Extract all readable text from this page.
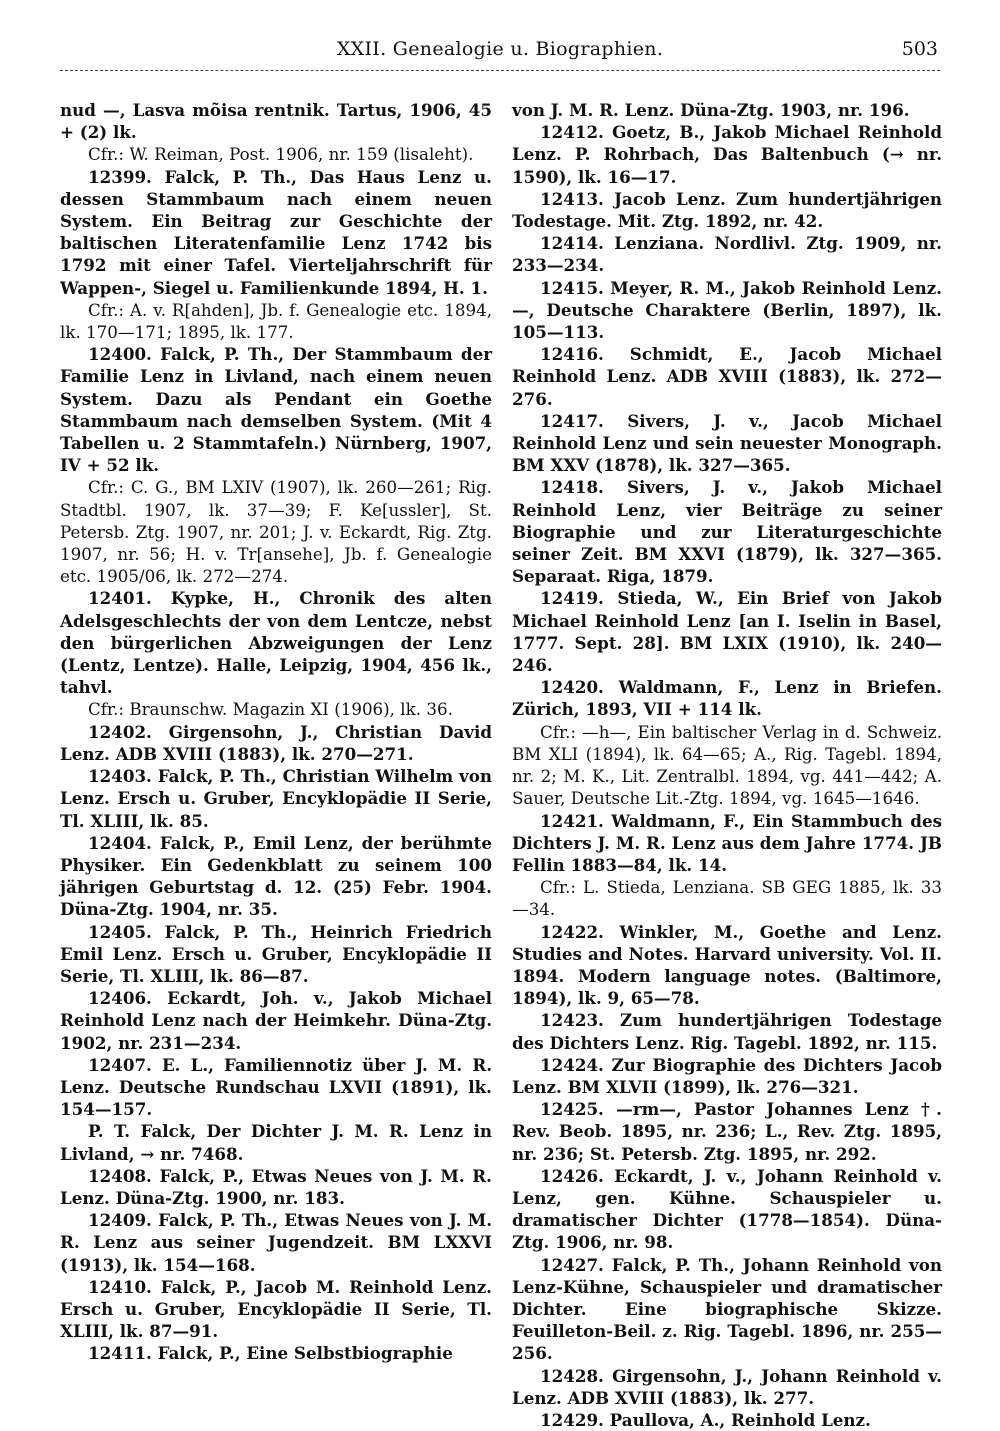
XXII. Genealogie u. Biographien.	503

nud —, Lasva mõisa rentnik. Tartus, 1906, 45 + (2) lk.

Cfr.: W. Reiman, Post. 1906, nr. 159 (lisaleht).

12399. Falck, P. Th., Das Haus Lenz u. dessen Stammbaum nach einem neuen System. Ein Beitrag zur Geschichte der baltischen Literatenfamilie Lenz 1742 bis 1792 mit einer Tafel. Vierteljahrschrift für Wappen-, Siegel u. Familienkunde 1894, H. 1.

Cfr.: A. v. R[ahden], Jb. f. Genealogie etc. 1894, lk. 170—171; 1895, lk. 177.

12400. Falck, P. Th., Der Stammbaum der Familie Lenz in Livland, nach einem neuen System. Dazu als Pendant ein Goethe Stammbaum nach demselben System. (Mit 4 Tabellen u. 2 Stammtafeln.) Nürnberg, 1907, IV + 52 lk.

Cfr.: C. G., BM LXIV (1907), lk. 260—261; Rig. Stadtbl. 1907, lk. 37—39; F. Ke[ussler], St. Petersb. Ztg. 1907, nr. 201; J. v. Eckardt, Rig. Ztg. 1907, nr. 56; H. v. Tr[ansehe], Jb. f. Genealogie etc. 1905/06, lk. 272—274.

12401. Kypke, H., Chronik des alten Adelsgeschlechts der von dem Lentcze, nebst den bürgerlichen Abzweigungen der Lenz (Lentz, Lentze). Halle, Leipzig, 1904, 456 lk., tahvl.

Cfr.: Braunschw. Magazin XI (1906), lk. 36.

12402. Girgensohn, J., Christian David Lenz. ADB XVIII (1883), lk. 270—271.

12403. Falck, P. Th., Christian Wilhelm von Lenz. Ersch u. Gruber, Encyklopädie II Serie, Tl. XLIII, lk. 85.

12404. Falck, P., Emil Lenz, der berühmte Physiker. Ein Gedenkblatt zu seinem 100 jährigen Geburtstag d. 12. (25) Febr. 1904. Düna-Ztg. 1904, nr. 35.

12405. Falck, P. Th., Heinrich Friedrich Emil Lenz. Ersch u. Gruber, Encyklopädie II Serie, Tl. XLIII, lk. 86—87.

12406. Eckardt, Joh. v., Jakob Michael Reinhold Lenz nach der Heimkehr. Düna-Ztg. 1902, nr. 231—234.

12407. E. L., Familiennotiz über J. M. R. Lenz. Deutsche Rundschau LXVII (1891), lk. 154—157.

P. T. Falck, Der Dichter J. M. R. Lenz in Livland, → nr. 7468.

12408. Falck, P., Etwas Neues von J. M. R. Lenz. Düna-Ztg. 1900, nr. 183.

12409. Falck, P. Th., Etwas Neues von J. M. R. Lenz aus seiner Jugendzeit. BM LXXVI (1913), lk. 154—168.

12410. Falck, P., Jacob M. Reinhold Lenz. Ersch u. Gruber, Encyklopädie II Serie, Tl. XLIII, lk. 87—91.

12411. Falck, P., Eine Selbstbiographie

von J. M. R. Lenz. Düna-Ztg. 1903, nr. 196.

12412. Goetz, B., Jakob Michael Reinhold Lenz. P. Rohrbach, Das Baltenbuch (→ nr. 1590), lk. 16—17.

12413. Jacob Lenz. Zum hundertjährigen Todestage. Mit. Ztg. 1892, nr. 42.

12414. Lenziana. Nordlivl. Ztg. 1909, nr. 233—234.

12415. Meyer, R. M., Jakob Reinhold Lenz. —, Deutsche Charaktere (Berlin, 1897), lk. 105—113.

12416. Schmidt, E., Jacob Michael Reinhold Lenz. ADB XVIII (1883), lk. 272—276.

12417. Sivers, J. v., Jacob Michael Reinhold Lenz und sein neuester Monograph. BM XXV (1878), lk. 327—365.

12418. Sivers, J. v., Jakob Michael Reinhold Lenz, vier Beiträge zu seiner Biographie und zur Literaturgeschichte seiner Zeit. BM XXVI (1879), lk. 327—365. Separaat. Riga, 1879.

12419. Stieda, W., Ein Brief von Jakob Michael Reinhold Lenz [an I. Iselin in Basel, 1777. Sept. 28]. BM LXIX (1910), lk. 240—246.

12420. Waldmann, F., Lenz in Briefen. Zürich, 1893, VII + 114 lk.

Cfr.: —h—, Ein baltischer Verlag in d. Schweiz. BM XLI (1894), lk. 64—65; A., Rig. Tagebl. 1894, nr. 2; M. K., Lit. Zentralbl. 1894, vg. 441—442; A. Sauer, Deutsche Lit.-Ztg. 1894, vg. 1645—1646.

12421. Waldmann, F., Ein Stammbuch des Dichters J. M. R. Lenz aus dem Jahre 1774. JB Fellin 1883—84, lk. 14.

Cfr.: L. Stieda, Lenziana. SB GEG 1885, lk. 33—34.

12422. Winkler, M., Goethe and Lenz. Studies and Notes. Harvard university. Vol. II. 1894. Modern language notes. (Baltimore, 1894), lk. 9, 65—78.

12423. Zum hundertjährigen Todestage des Dichters Lenz. Rig. Tagebl. 1892, nr. 115.

12424. Zur Biographie des Dichters Jacob Lenz. BM XLVII (1899), lk. 276—321.

12425. —rm—, Pastor Johannes Lenz †. Rev. Beob. 1895, nr. 236; L., Rev. Ztg. 1895, nr. 236; St. Petersb. Ztg. 1895, nr. 292.

12426. Eckardt, J. v., Johann Reinhold v. Lenz, gen. Kühne. Schauspieler u. dramatischer Dichter (1778—1854). Düna-Ztg. 1906, nr. 98.

12427. Falck, P. Th., Johann Reinhold von Lenz-Kühne, Schauspieler und dramatischer Dichter. Eine biographische Skizze. Feuilleton-Beil. z. Rig. Tagebl. 1896, nr. 255—256.

12428. Girgensohn, J., Johann Reinhold v. Lenz. ADB XVIII (1883), lk. 277.

12429. Paullova, A., Reinhold Lenz.
